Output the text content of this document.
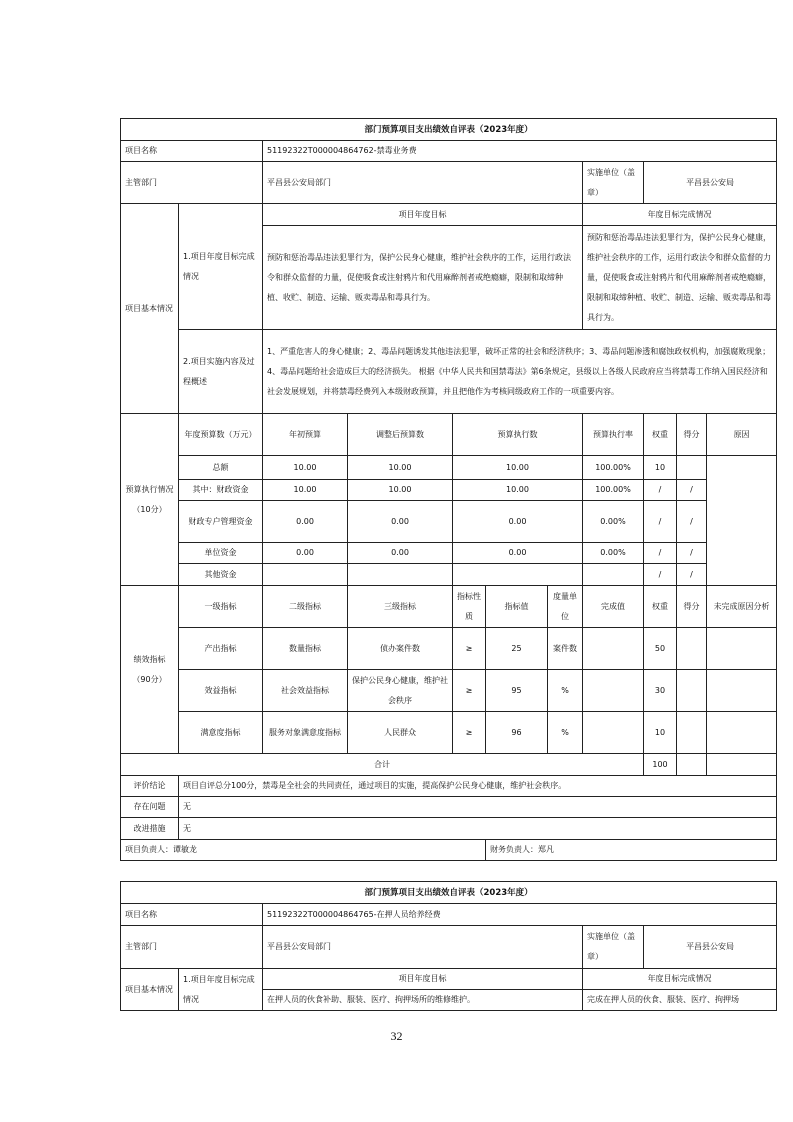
部门预算项目支出绩效自评表（2023年度）										
项目名称		51192322T000004864762-禁毒业务费								
主管部门		平昌县公安局部门					实施单位（盖章）	平昌县公安局		
项目基本情况	1.项目年度目标完成情况	项目年度目标					年度目标完成情况			
		预防和惩治毒品违法犯罪行为，保护公民身心健康，维护社会秩序的工作，运用行政法令和群众监督的力量，促使吸食或注射鸦片和代用麻醉剂者戒绝瘾癖，限制和取缔种植、收贮、制造、运输、贩卖毒品和毒具行为。					预防和惩治毒品违法犯罪行为，保护公民身心健康，维护社会秩序的工作，运用行政法令和群众监督的力量，促使吸食或注射鸦片和代用麻醉剂者戒绝瘾癖，限制和取缔种植、收贮、制造、运输、贩卖毒品和毒具行为。			
	2.项目实施内容及过程概述	1、严重危害人的身心健康；2、毒品问题诱发其他违法犯罪，破坏正常的社会和经济秩序；3、毒品问题渗透和腐蚀政权机构，加强腐败现象；4、毒品问题给社会造成巨大的经济损失。 根据《中华人民共和国禁毒法》第6条规定，县级以上各级人民政府应当将禁毒工作纳入国民经济和社会发展规划，并将禁毒经费列入本级财政预算，并且把他作为考核同级政府工作的一项重要内容。								
预算执行情况（10分）	年度预算数（万元）	年初预算	调整后预算数	预算执行数			预算执行率	权重	得分	原因
	总额	10.00	10.00	10.00			100.00%	10		
	其中：财政资金	10.00	10.00	10.00			100.00%	/	/	
	财政专户管理资金	0.00	0.00	0.00			0.00%	/	/	
	单位资金	0.00	0.00	0.00			0.00%	/	/	
	其他资金							/	/	
绩效指标（90分）	一级指标	二级指标	三级指标	指标性质	指标值	度量单位	完成值	权重	得分	未完成原因分析
	产出指标	数量指标	侦办案件数	≥	25	案件数		50		
	效益指标	社会效益指标	保护公民身心健康，维护社会秩序	≥	95	%		30		
	满意度指标	服务对象满意度指标	人民群众	≥	96	%		10		
合计								100		
评价结论	项目自评总分100分，禁毒是全社会的共同责任，通过项目的实施，提高保护公民身心健康，维护社会秩序。									
存在问题	无									
改进措施	无									
项目负责人：谭敏龙					财务负责人：郑凡					
部门预算项目支出绩效自评表（2023年度）				
项目名称		51192322T000004864765-在押人员给养经费		
主管部门		平昌县公安局部门	实施单位（盖章）	平昌县公安局
项目基本情况	1.项目年度目标完成情况	项目年度目标	年度目标完成情况	
		在押人员的伙食补助、服装、医疗、拘押场所的维修维护。	完成在押人员的伙食、服装、医疗、拘押场	
32
